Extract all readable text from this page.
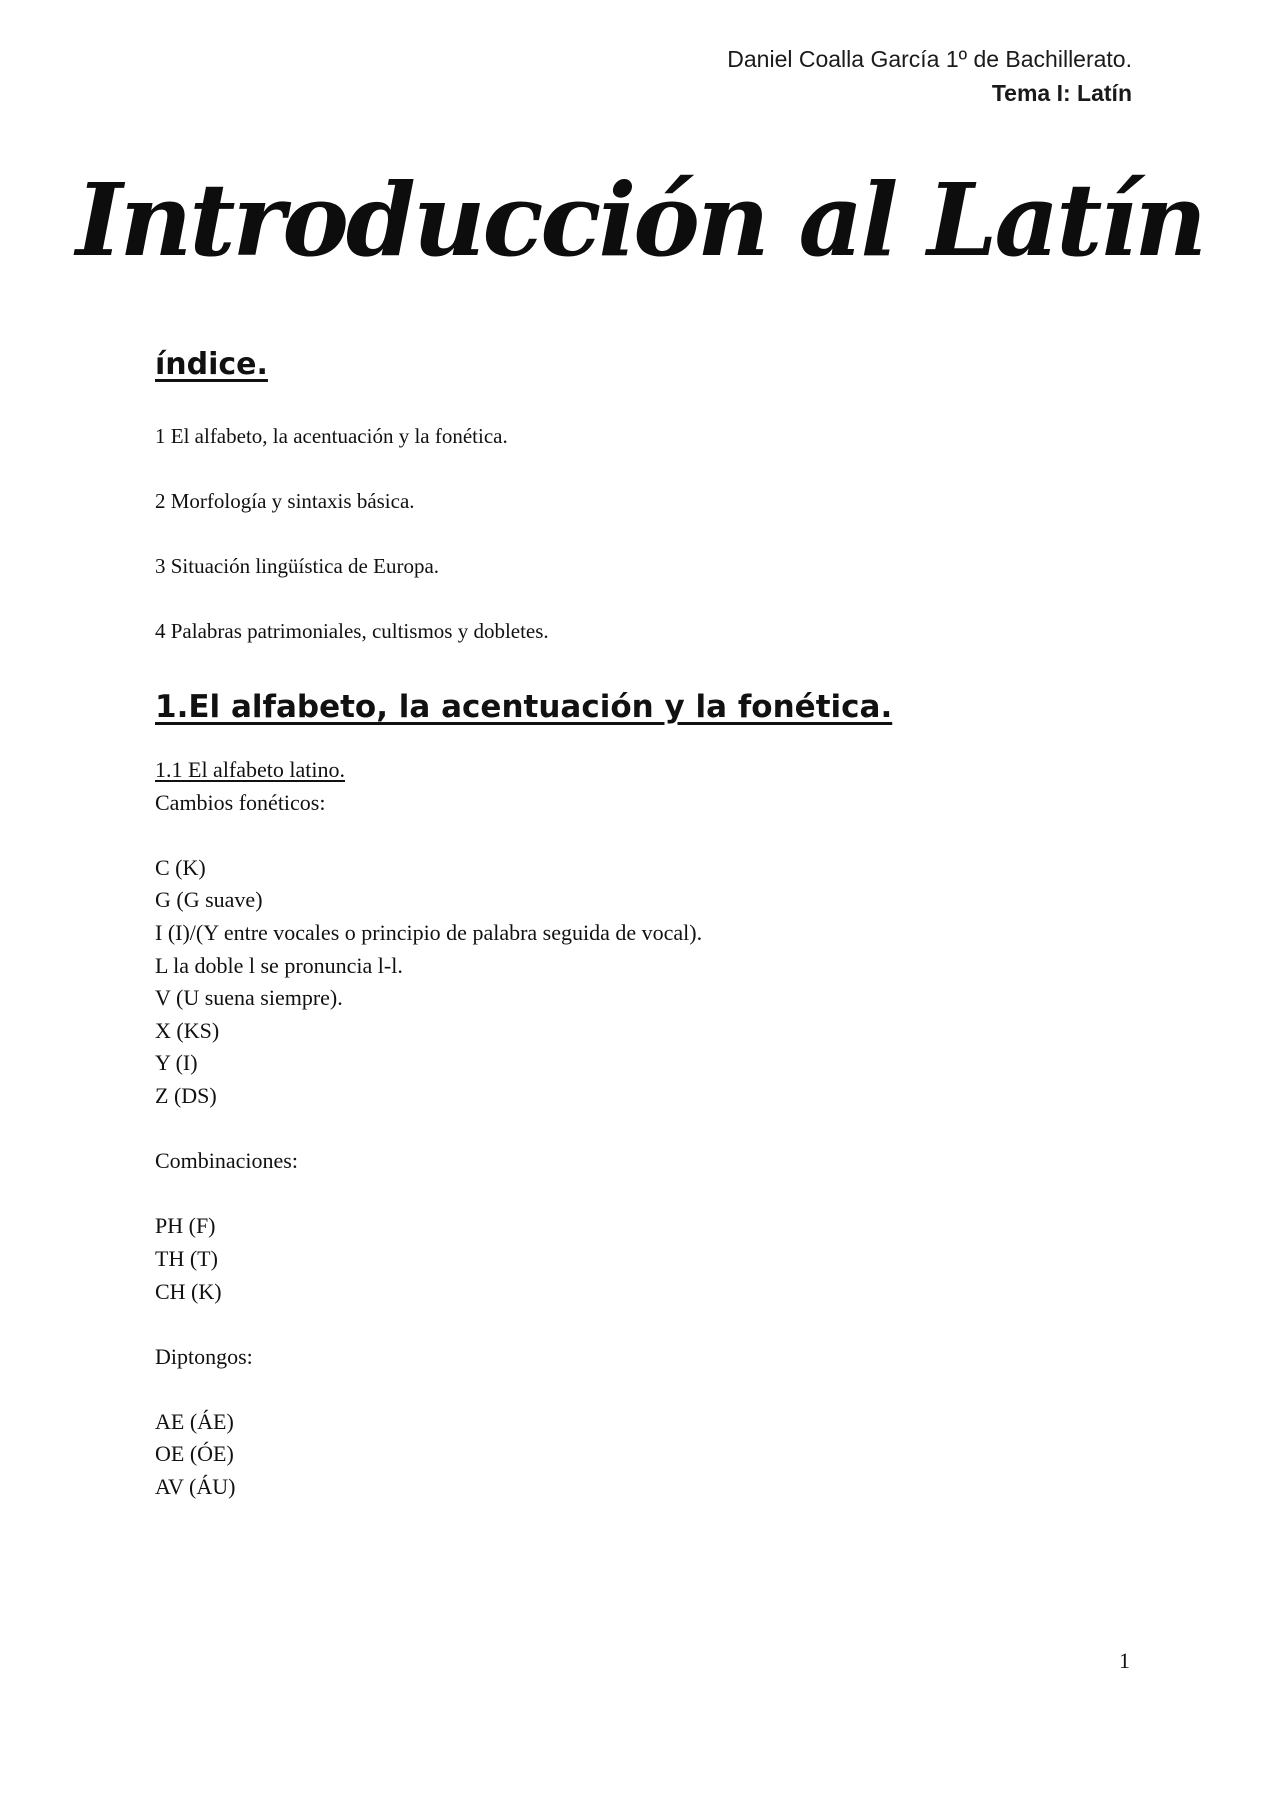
Daniel Coalla García 1º de Bachillerato.
Tema I: Latín
Introducción al Latín
índice.

1 El alfabeto, la acentuación y la fonética.

2 Morfología y sintaxis básica.

3 Situación lingüística de Europa.

4 Palabras patrimoniales, cultismos y dobletes.

1.El alfabeto, la acentuación y la fonética.
1.1 El alfabeto latino.
Cambios fonéticos:
C (K)
G (G suave)
I (I)/(Y entre vocales o principio de palabra seguida de vocal).
L la doble l se pronuncia l-l.
V (U suena siempre).
X (KS)
Y (I)
Z (DS)
Combinaciones:
PH (F)
TH (T)
CH (K)
Diptongos:
AE (ÁE)
OE (ÓE)
AV (ÁU)
1
